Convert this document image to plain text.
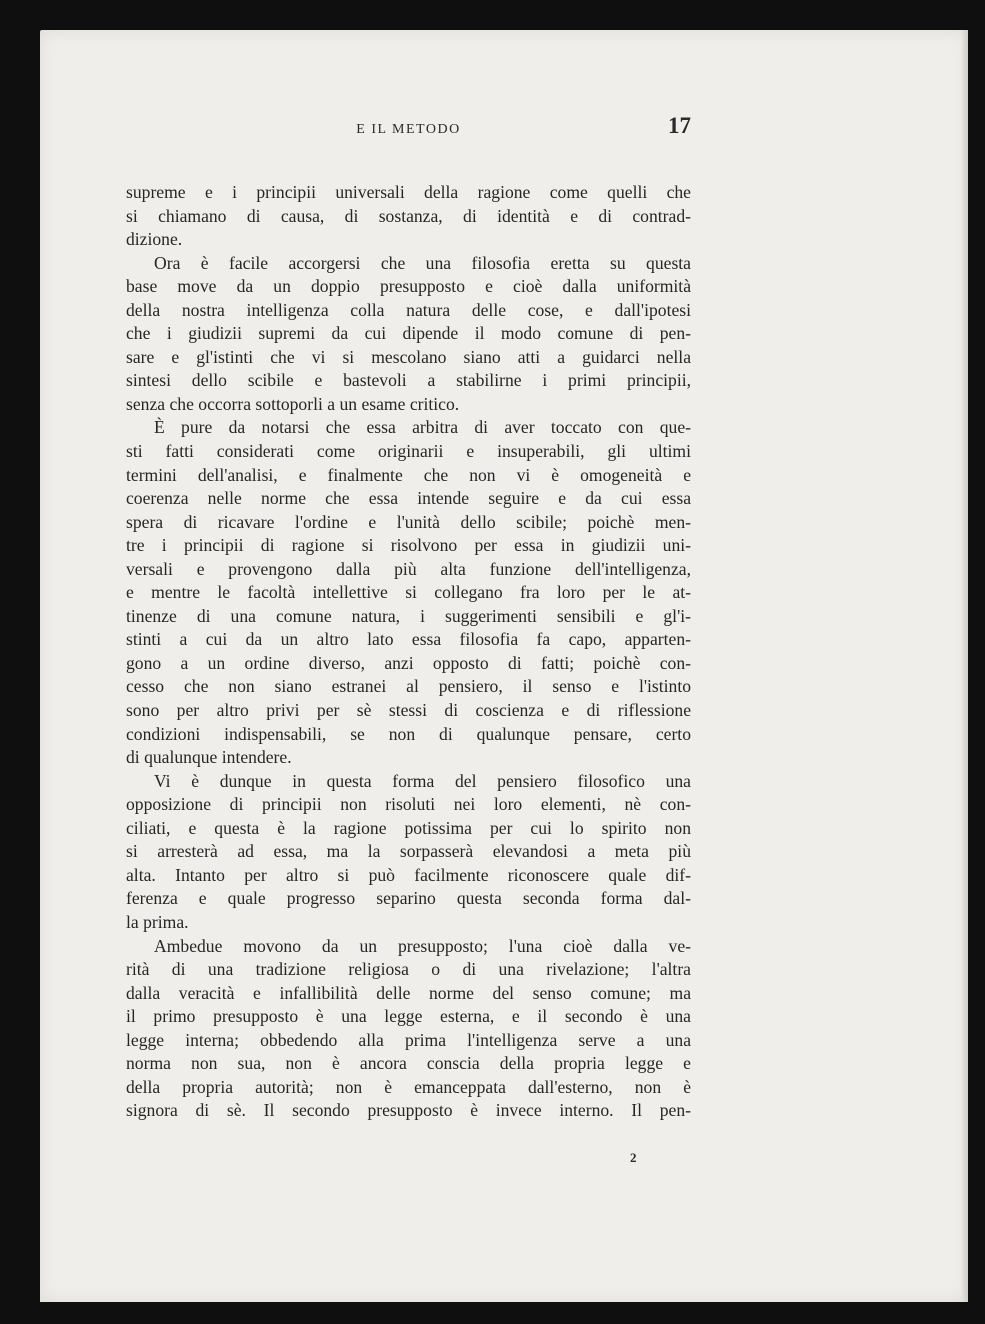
E IL METODO	17
supreme e i principii universali della ragione come quelli che
si chiamano di causa, di sostanza, di identità e di contrad-
dizione.
Ora è facile accorgersi che una filosofia eretta su questa
base move da un doppio presupposto e cioè dalla uniformità
della nostra intelligenza colla natura delle cose, e dall'ipotesi
che i giudizii supremi da cui dipende il modo comune di pen-
sare e gl'istinti che vi si mescolano siano atti a guidarci nella
sintesi dello scibile e bastevoli a stabilirne i primi principii,
senza che occorra sottoporli a un esame critico.
È pure da notarsi che essa arbitra di aver toccato con que-
sti fatti considerati come originarii e insuperabili, gli ultimi
termini dell'analisi, e finalmente che non vi è omogeneità e
coerenza nelle norme che essa intende seguire e da cui essa
spera di ricavare l'ordine e l'unità dello scibile; poichè men-
tre i principii di ragione si risolvono per essa in giudizii uni-
versali e provengono dalla più alta funzione dell'intelligenza,
e mentre le facoltà intellettive si collegano fra loro per le at-
tinenze di una comune natura, i suggerimenti sensibili e gl'i-
stinti a cui da un altro lato essa filosofia fa capo, apparten-
gono a un ordine diverso, anzi opposto di fatti; poichè con-
cesso che non siano estranei al pensiero, il senso e l'istinto
sono per altro privi per sè stessi di coscienza e di riflessione
condizioni indispensabili, se non di qualunque pensare, certo
di qualunque intendere.
Vi è dunque in questa forma del pensiero filosofico una
opposizione di principii non risoluti nei loro elementi, nè con-
ciliati, e questa è la ragione potissima per cui lo spirito non
si arresterà ad essa, ma la sorpasserà elevandosi a meta più
alta. Intanto per altro si può facilmente riconoscere quale dif-
ferenza e quale progresso separino questa seconda forma dal-
la prima.
Ambedue movono da un presupposto; l'una cioè dalla ve-
rità di una tradizione religiosa o di una rivelazione; l'altra
dalla veracità e infallibilità delle norme del senso comune; ma
il primo presupposto è una legge esterna, e il secondo è una
legge interna; obbedendo alla prima l'intelligenza serve a una
norma non sua, non è ancora conscia della propria legge e
della propria autorità; non è emanceppata dall'esterno, non è
signora di sè. Il secondo presupposto è invece interno. Il pen-
2
